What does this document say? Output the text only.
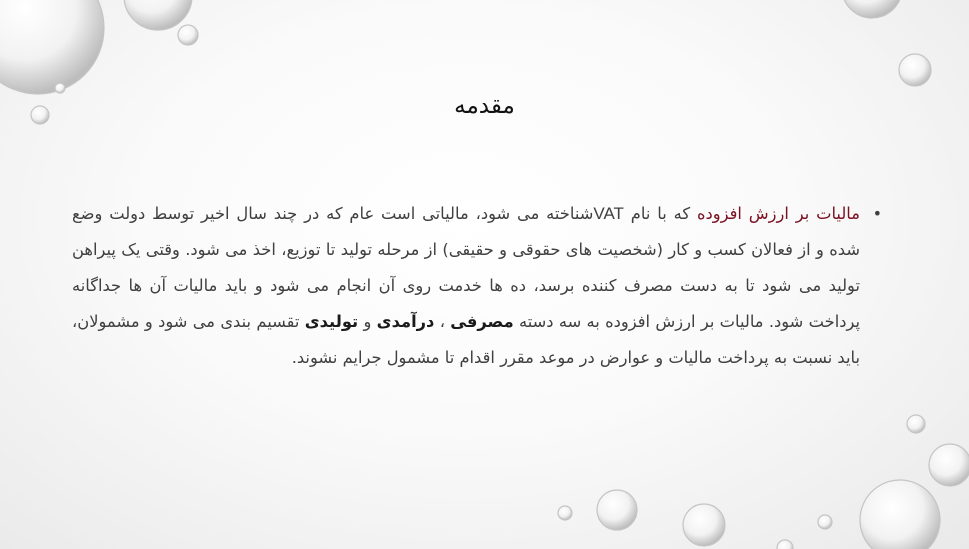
مقدمه
•
مالیات بر ارزش افزوده که با نام VATشناخته می شود، مالیاتی است عام که در چند سال اخیر توسط دولت وضع شده و از فعالان کسب و کار (شخصیت های حقوقی و حقیقی) از مرحله تولید تا توزیع، اخذ می شود. وقتی یک پیراهن تولید می شود تا به دست مصرف کننده برسد، ده ها خدمت روی آن انجام می شود و باید مالیات آن ها جداگانه پرداخت شود. مالیات بر ارزش افزوده به سه دسته مصرفی ، درآمدی و تولیدی تقسیم بندی می شود و مشمولان، باید نسبت به پرداخت مالیات و عوارض در موعد مقرر اقدام تا مشمول جرایم نشوند.
